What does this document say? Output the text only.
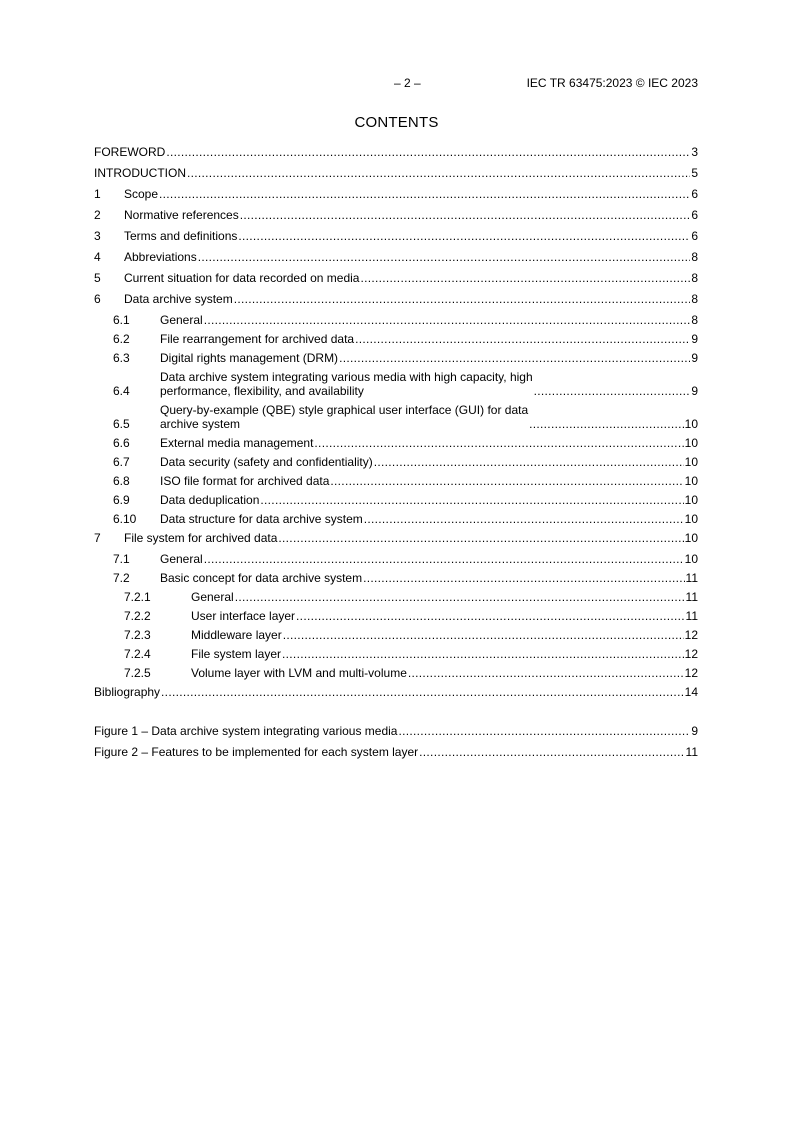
– 2 –	IEC TR 63475:2023 © IEC 2023
CONTENTS
FOREWORD .....	3
INTRODUCTION .....	5
1	Scope .....	6
2	Normative references .....	6
3	Terms and definitions .....	6
4	Abbreviations .....	8
5	Current situation for data recorded on media .....	8
6	Data archive system .....	8
6.1	General .....	8
6.2	File rearrangement for archived data .....	9
6.3	Digital rights management (DRM) .....	9
6.4
Data archive system integrating various media with high capacity, high
performance, flexibility, and availability .....	9
6.5
Query-by-example (QBE) style graphical user interface (GUI) for data
archive system .....	10
6.6	External media management .....	10
6.7	Data security (safety and confidentiality) .....	10
6.8	ISO file format for archived data .....	10
6.9	Data deduplication .....	10
6.10	Data structure for data archive system .....	10
7	File system for archived data .....	10
7.1	General .....	10
7.2	Basic concept for data archive system .....	11
7.2.1	General .....	11
7.2.2	User interface layer .....	11
7.2.3	Middleware layer .....	12
7.2.4	File system layer .....	12
7.2.5	Volume layer with LVM and multi-volume .....	12
Bibliography .....	14
Figure 1 – Data archive system integrating various media .....	9
Figure 2 – Features to be implemented for each system layer .....	11
